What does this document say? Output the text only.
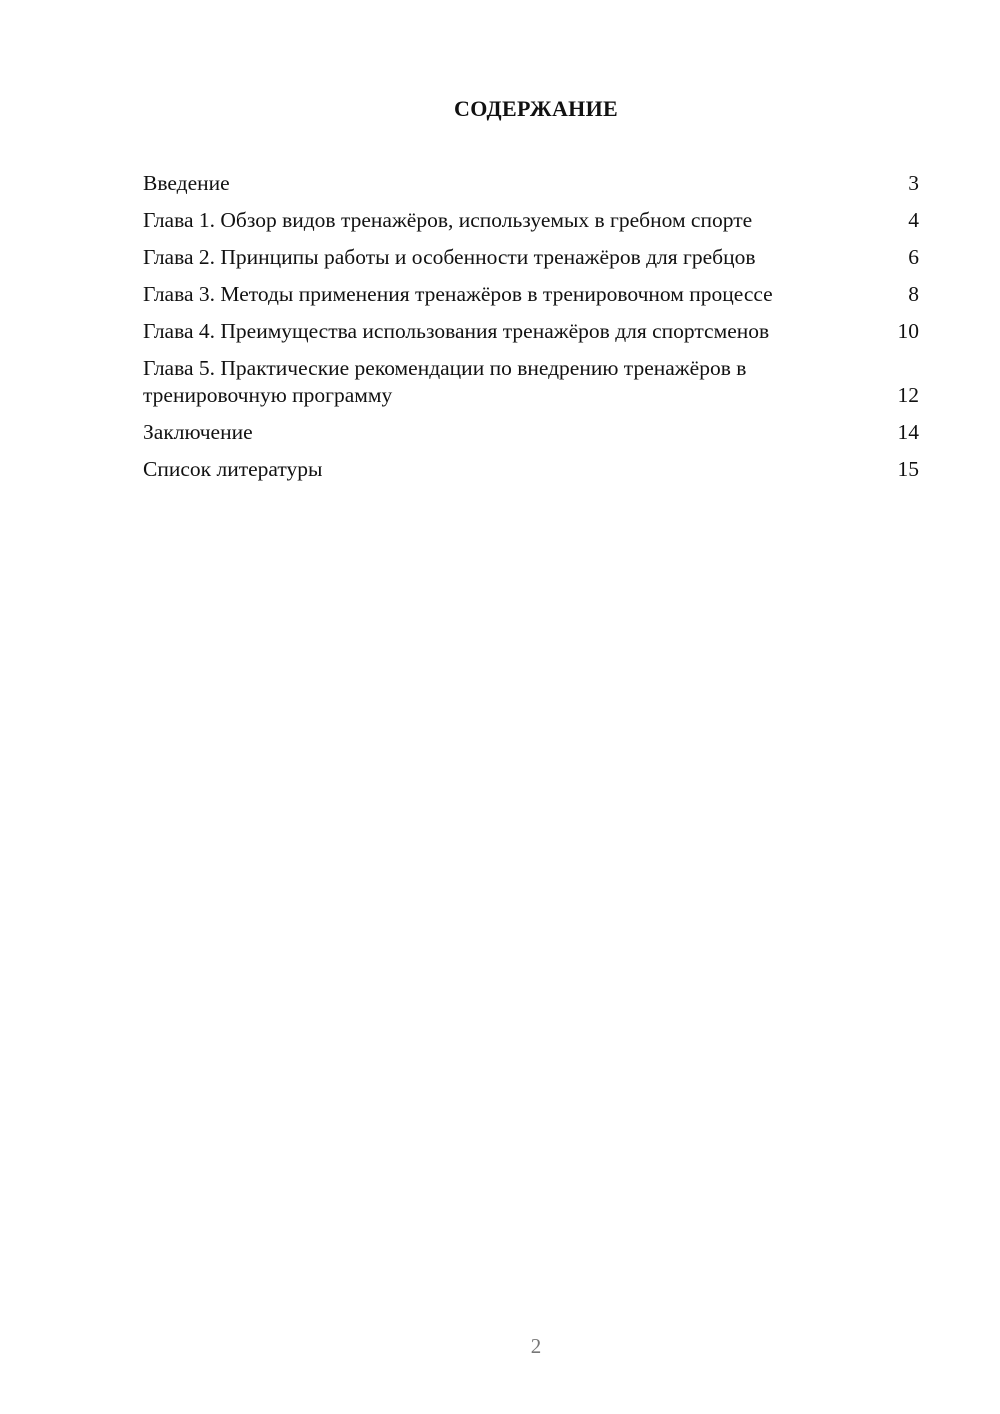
СОДЕРЖАНИЕ
Введение	3
Глава 1. Обзор видов тренажёров, используемых в гребном спорте	4
Глава 2. Принципы работы и особенности тренажёров для гребцов	6
Глава 3. Методы применения тренажёров в тренировочном процессе	8
Глава 4. Преимущества использования тренажёров для спортсменов	10
Глава 5. Практические рекомендации по внедрению тренажёров в тренировочную программу	12
Заключение	14
Список литературы	15
2
